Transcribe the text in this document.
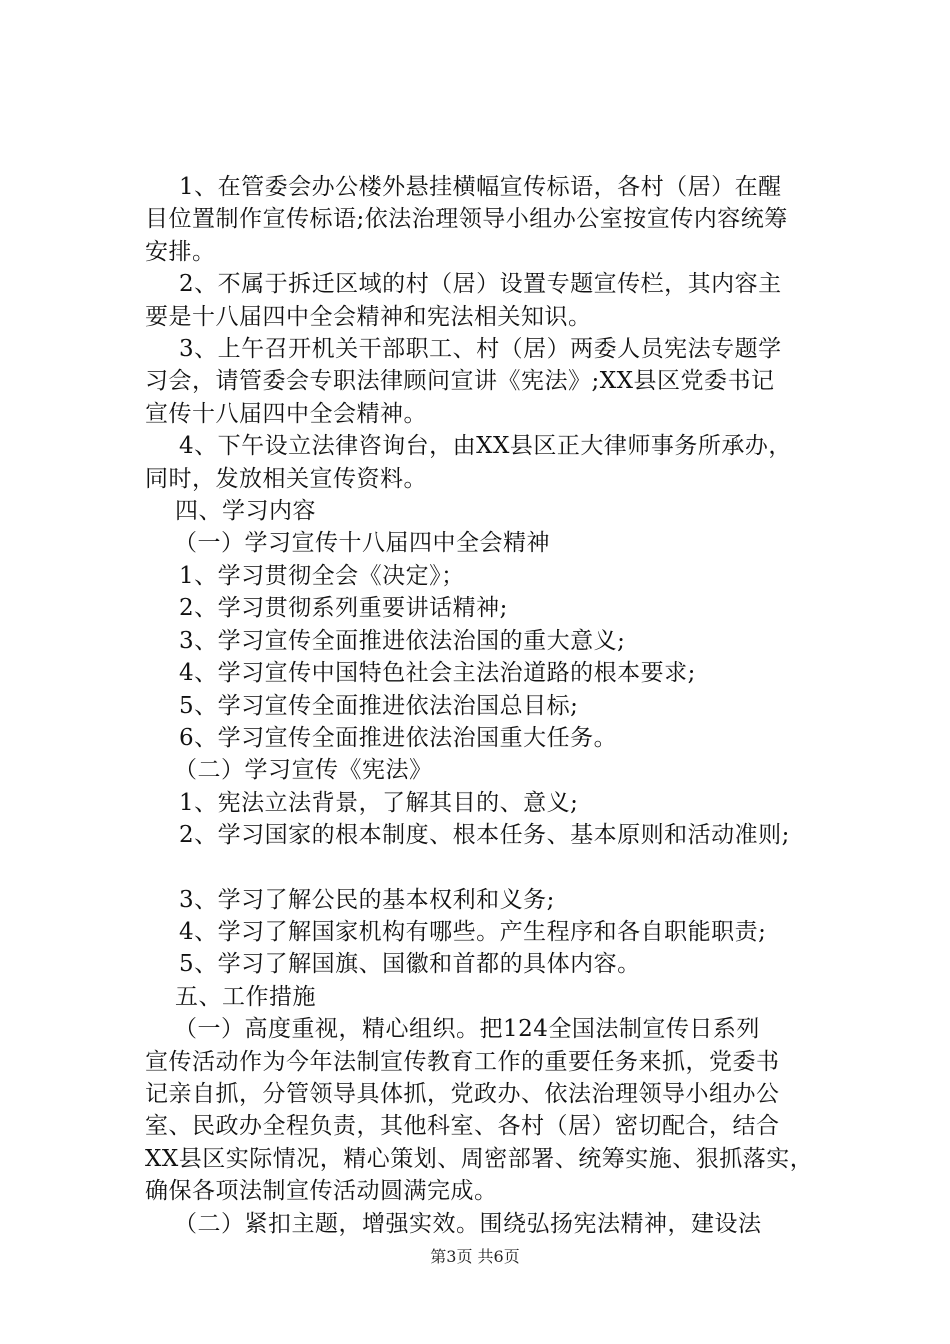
1、在管委会办公楼外悬挂横幅宣传标语，各村（居）在醒
目位置制作宣传标语;依法治理领导小组办公室按宣传内容统筹
安排。
2、不属于拆迁区域的村（居）设置专题宣传栏，其内容主
要是十八届四中全会精神和宪法相关知识。
3、上午召开机关干部职工、村（居）两委人员宪法专题学
习会，请管委会专职法律顾问宣讲《宪法》;XX县区党委书记
宣传十八届四中全会精神。
4、下午设立法律咨询台，由XX县区正大律师事务所承办，
同时，发放相关宣传资料。
四、学习内容
（一）学习宣传十八届四中全会精神
1、学习贯彻全会《决定》；
2、学习贯彻系列重要讲话精神;
3、学习宣传全面推进依法治国的重大意义;
4、学习宣传中国特色社会主法治道路的根本要求;
5、学习宣传全面推进依法治国总目标;
6、学习宣传全面推进依法治国重大任务。
（二）学习宣传《宪法》
1、宪法立法背景，了解其目的、意义;
2、学习国家的根本制度、根本任务、基本原则和活动准则;
3、学习了解公民的基本权利和义务;
4、学习了解国家机构有哪些。产生程序和各自职能职责;
5、学习了解国旗、国徽和首都的具体内容。
五、工作措施
（一）高度重视，精心组织。把124全国法制宣传日系列
宣传活动作为今年法制宣传教育工作的重要任务来抓，党委书
记亲自抓，分管领导具体抓，党政办、依法治理领导小组办公
室、民政办全程负责，其他科室、各村（居）密切配合，结合
XX县区实际情况，精心策划、周密部署、统筹实施、狠抓落实，
确保各项法制宣传活动圆满完成。
（二）紧扣主题，增强实效。围绕弘扬宪法精神，建设法
第3页 共6页
